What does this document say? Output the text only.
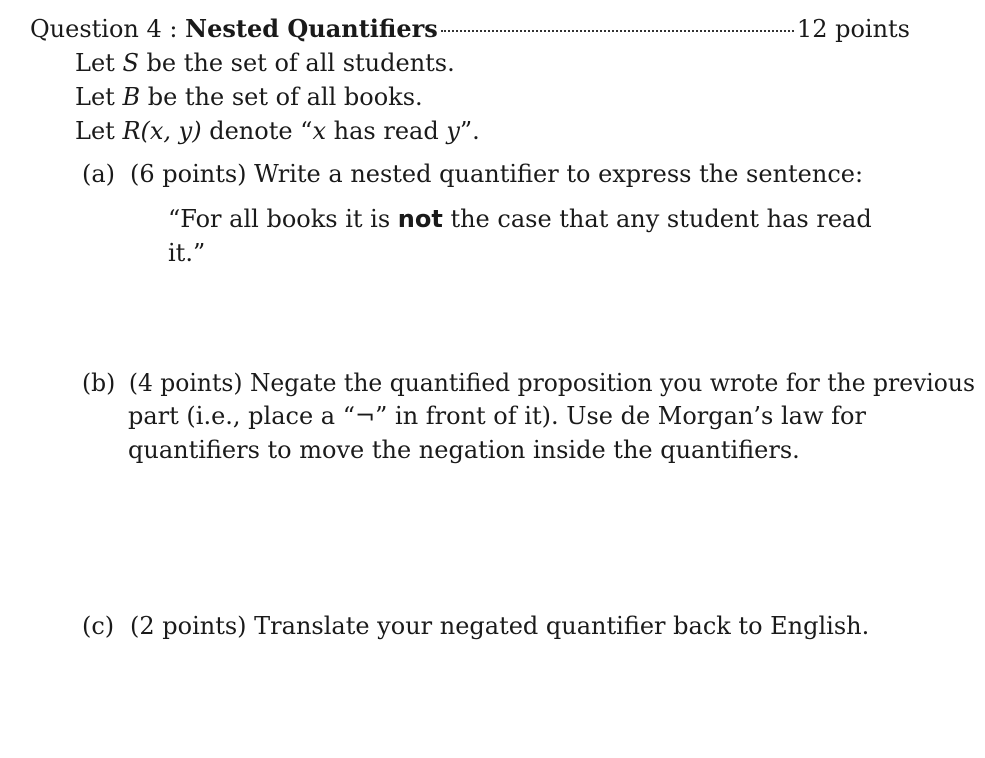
Question 4 :
Nested Quantifiers	12 points
Let S be the set of all students.
Let B be the set of all books.
Let R(x, y) denote “x has read y”.
(a) (6 points) Write a nested quantifier to express the sentence:
“For all books it is not the case that any student has read
it.”
(b) (4 points) Negate the quantified proposition you wrote for the previous
part (i.e., place a “¬” in front of it). Use de Morgan’s law for
quantifiers to move the negation inside the quantifiers.
(c) (2 points) Translate your negated quantifier back to English.
